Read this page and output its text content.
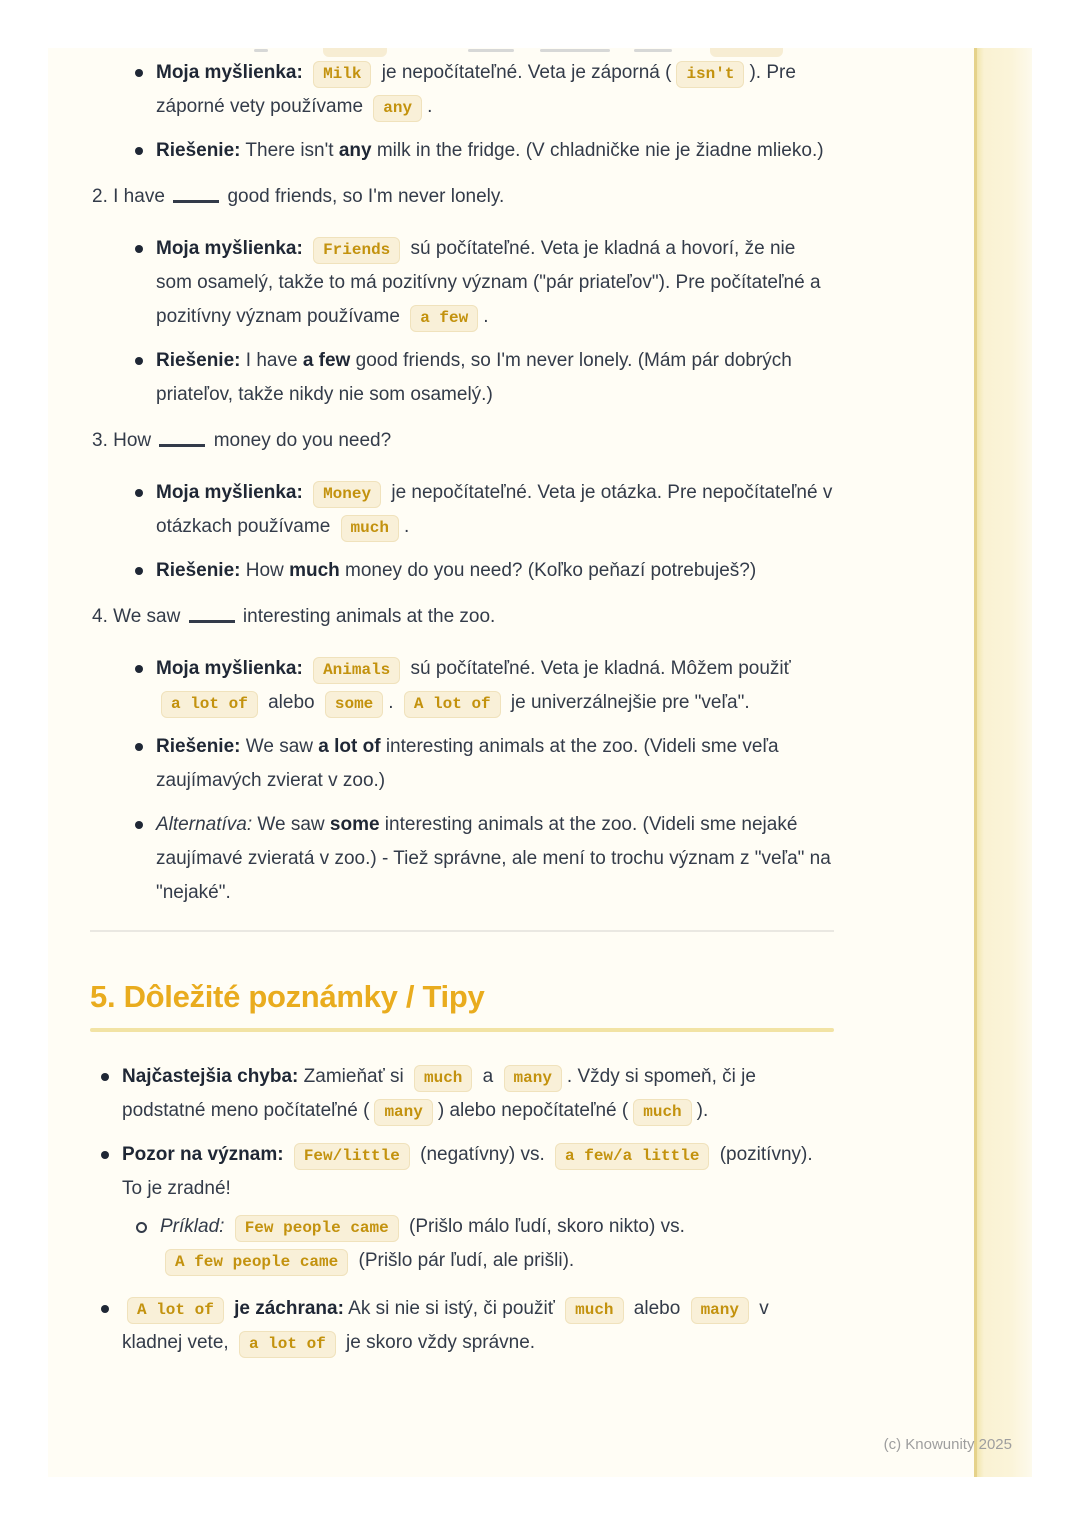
Moja myšlienka: Milk je nepočítateľné. Veta je záporná ( isn't ). Pre záporné vety používame any .
Riešenie: There isn't any milk in the fridge. (V chladničke nie je žiadne mlieko.)
2. I have	good friends, so I'm never lonely.
Moja myšlienka: Friends sú počítateľné. Veta je kladná a hovorí, že nie som osamelý, takže to má pozitívny význam ("pár priateľov"). Pre počítateľné a pozitívny význam používame a few .
Riešenie: I have a few good friends, so I'm never lonely. (Mám pár dobrých priateľov, takže nikdy nie som osamelý.)
3. How	money do you need?
Moja myšlienka: Money je nepočítateľné. Veta je otázka. Pre nepočítateľné v otázkach používame much .
Riešenie: How much money do you need? (Koľko peňazí potrebuješ?)
4. We saw	interesting animals at the zoo.
Moja myšlienka: Animals sú počítateľné. Veta je kladná. Môžem použiť a lot of alebo some . A lot of je univerzálnejšie pre "veľa".
Riešenie: We saw a lot of interesting animals at the zoo. (Videli sme veľa zaujímavých zvierat v zoo.)
Alternatíva: We saw some interesting animals at the zoo. (Videli sme nejaké zaujímavé zvieratá v zoo.) - Tiež správne, ale mení to trochu význam z "veľa" na "nejaké".
5. Dôležité poznámky / Tipy
Najčastejšia chyba: Zamieňať si much a many . Vždy si spomeň, či je podstatné meno počítateľné ( many ) alebo nepočítateľné ( much ).
Pozor na význam: Few/little (negatívny) vs. a few/a little (pozitívny). To je zradné!
Príklad: Few people came (Prišlo málo ľudí, skoro nikto) vs. A few people came (Prišlo pár ľudí, ale prišli).
A lot of je záchrana: Ak si nie si istý, či použiť much alebo many v kladnej vete, a lot of je skoro vždy správne.
(c) Knowunity 2025
